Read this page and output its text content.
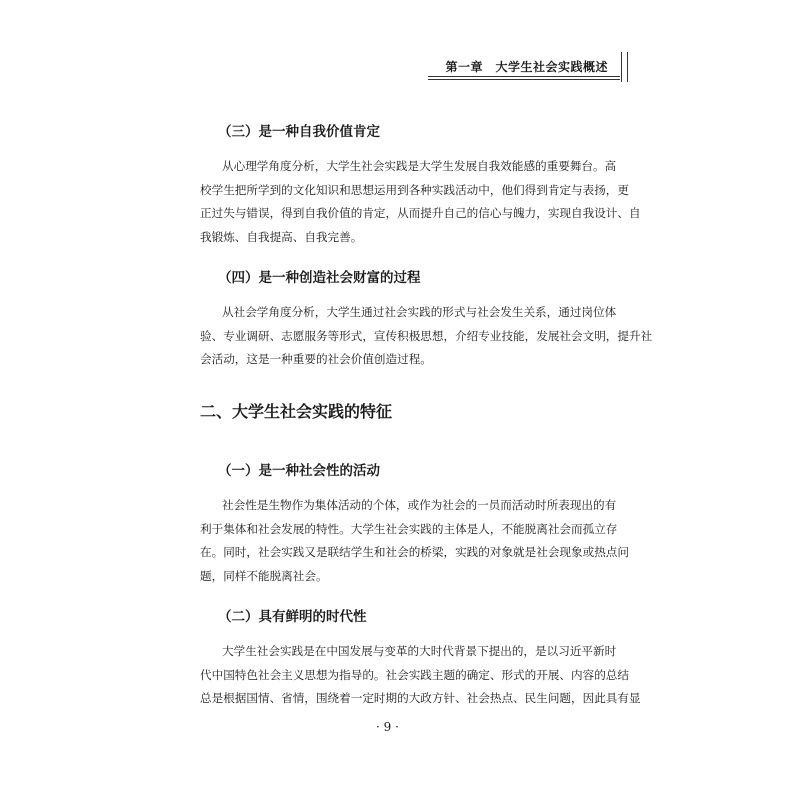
第一章　大学生社会实践概述
（三）是一种自我价值肯定
从心理学角度分析，大学生社会实践是大学生发展自我效能感的重要舞台。高
校学生把所学到的文化知识和思想运用到各种实践活动中，他们得到肯定与表扬，更
正过失与错误，得到自我价值的肯定，从而提升自己的信心与魄力，实现自我设计、自
我锻炼、自我提高、自我完善。
（四）是一种创造社会财富的过程
从社会学角度分析，大学生通过社会实践的形式与社会发生关系，通过岗位体
验、专业调研、志愿服务等形式，宣传积极思想，介绍专业技能，发展社会文明，提升社
会活动，这是一种重要的社会价值创造过程。
二、大学生社会实践的特征
（一）是一种社会性的活动
社会性是生物作为集体活动的个体，或作为社会的一员而活动时所表现出的有
利于集体和社会发展的特性。大学生社会实践的主体是人，不能脱离社会而孤立存
在。同时，社会实践又是联结学生和社会的桥梁，实践的对象就是社会现象或热点问
题，同样不能脱离社会。
（二）具有鲜明的时代性
大学生社会实践是在中国发展与变革的大时代背景下提出的，是以习近平新时
代中国特色社会主义思想为指导的。社会实践主题的确定、形式的开展、内容的总结
总是根据国情、省情，围绕着一定时期的大政方针、社会热点、民生问题，因此具有显
· 9 ·
